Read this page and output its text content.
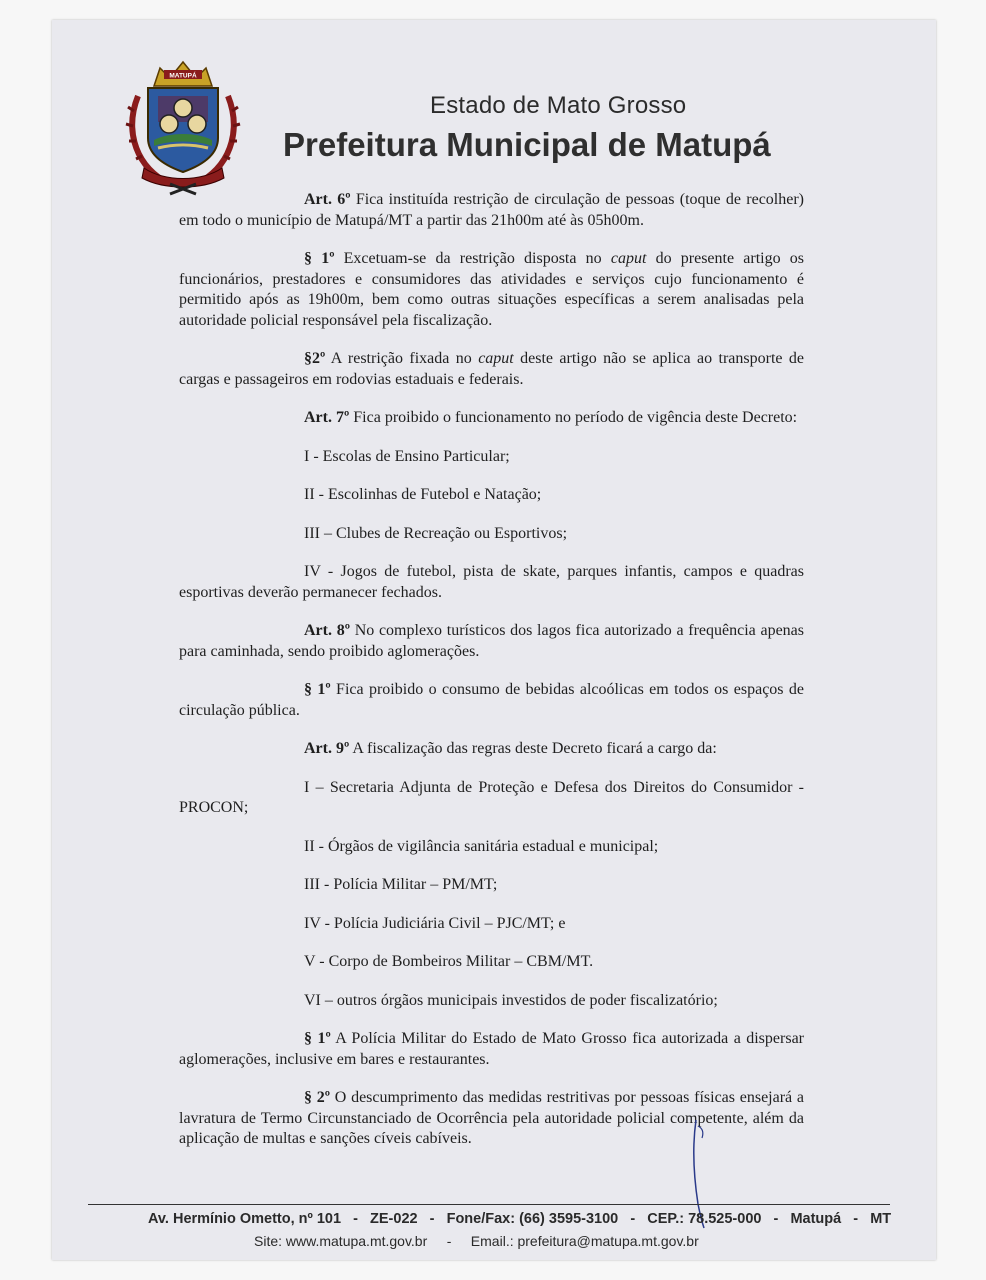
MATUPÁ
Estado de Mato Grosso
Prefeitura Municipal de Matupá

Art. 6º Fica instituída restrição de circulação de pessoas (toque de recolher) em todo o município de Matupá/MT a partir das 21h00m até às 05h00m.

§ 1º Excetuam-se da restrição disposta no caput do presente artigo os funcionários, prestadores e consumidores das atividades e serviços cujo funcionamento é permitido após as 19h00m, bem como outras situações específicas a serem analisadas pela autoridade policial responsável pela fiscalização.

§2º A restrição fixada no caput deste artigo não se aplica ao transporte de cargas e passageiros em rodovias estaduais e federais.

Art. 7º Fica proibido o funcionamento no período de vigência deste Decreto:

I - Escolas de Ensino Particular;

II - Escolinhas de Futebol e Natação;

III – Clubes de Recreação ou Esportivos;

IV - Jogos de futebol, pista de skate, parques infantis, campos e quadras esportivas deverão permanecer fechados.

Art. 8º No complexo turísticos dos lagos fica autorizado a frequência apenas para caminhada, sendo proibido aglomerações.

§ 1º Fica proibido o consumo de bebidas alcoólicas em todos os espaços de circulação pública.

Art. 9º A fiscalização das regras deste Decreto ficará a cargo da:

I – Secretaria Adjunta de Proteção e Defesa dos Direitos do Consumidor - PROCON;

II - Órgãos de vigilância sanitária estadual e municipal;

III - Polícia Militar – PM/MT;

IV - Polícia Judiciária Civil – PJC/MT; e

V - Corpo de Bombeiros Militar – CBM/MT.

VI – outros órgãos municipais investidos de poder fiscalizatório;

§ 1º A Polícia Militar do Estado de Mato Grosso fica autorizada a dispersar aglomerações, inclusive em bares e restaurantes.

§ 2º O descumprimento das medidas restritivas por pessoas físicas ensejará a lavratura de Termo Circunstanciado de Ocorrência pela autoridade policial competente, além da aplicação de multas e sanções cíveis cabíveis.

Av. Hermínio Ometto, nº 101   -   ZE-022   -   Fone/Fax: (66) 3595-3100   -   CEP.: 78.525-000   -   Matupá   -   MT
Site: www.matupa.mt.gov.br     -     Email.: prefeitura@matupa.mt.gov.br
